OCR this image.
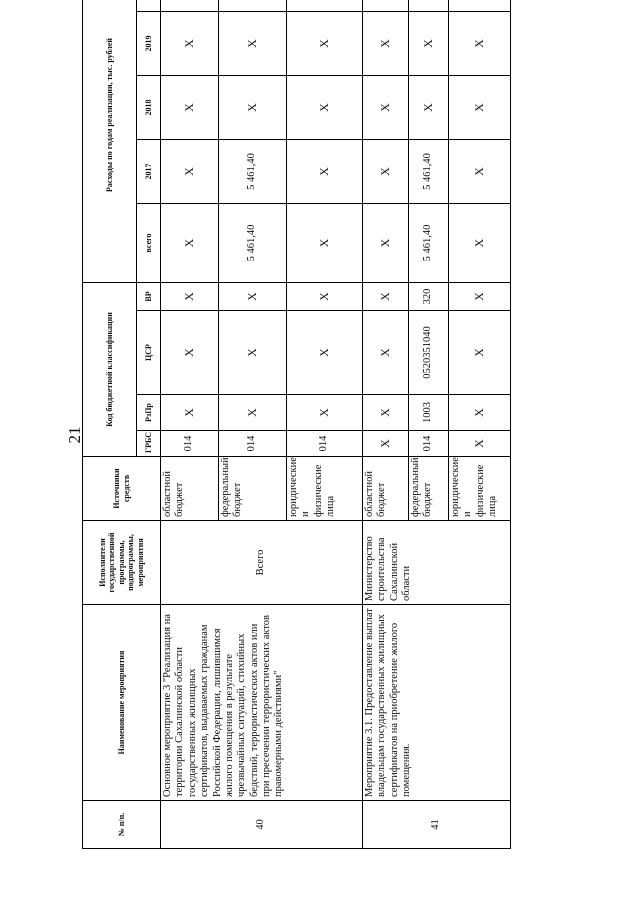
21
№ п/п.	Наименование мероприятия	Исполнители государственной программы, подпрограммы, мероприятия	Источники средств	Код бюджетной классификации				Расходы по годам реализации, тыс. рублей				
				ГРБС	РзПр	ЦСР	ВР	всего	2017	2018	2019	
40	Основное мероприятие 3 "Реализация на территории Сахалинской области государственных жилищных сертификатов, выдаваемых гражданам Российской Федерации, лишившимся жилого помещения в результате чрезвычайных ситуаций, стихийных бедствий, террористических актов или при пресечении террористических актов правомерными действиями"	Всего	областной бюджет	014	X	X	X	X	X	X	X	
			федеральный бюджет	014	X	X	X	5 461,40	5 461,40	X	X	
			юридические и физические лица	014	X	X	X	X	X	X	X	
41	Мероприятие 3.1. Предоставление выплат владельцам государственных жилищных сертификатов на приобретение жилого помещения.	Министерство строительства Сахалинской области	областной бюджет	X	X	X	X	X	X	X	X	
			федеральный бюджет	014	1003	0520351040	320	5 461,40	5 461,40	X	X	
			юридические и физические лица	X	X	X	X	X	X	X	X	
